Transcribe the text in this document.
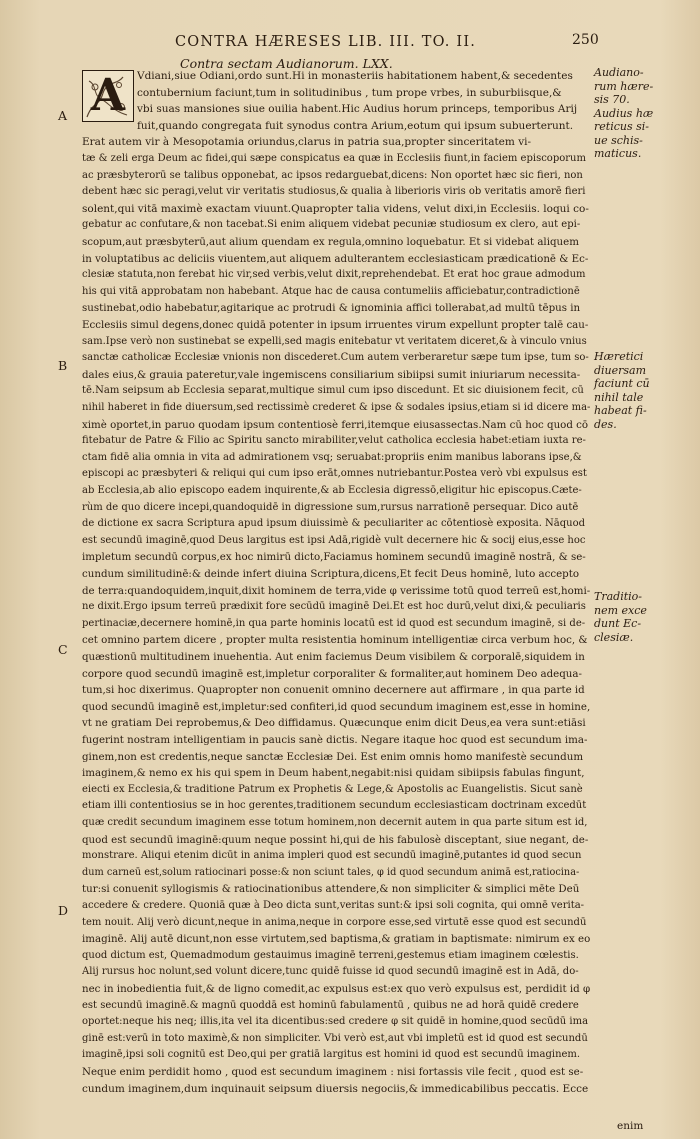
CONTRA HÆRESES LIB. III. TO. II.	250
Contra sectam Audianorum. LXX.
Vdiani,siue Odiani,ordo sunt.Hi in monasteriis habitationem habent,& secedentes
contubernium faciunt,tum in solitudinibus , tum prope vrbes, in suburbiisque,&
vbi suas mansiones siue ouilia habent.Hic Audius horum princeps, temporibus Arij
fuit,quando congregata fuit synodus contra Arium,eotum qui ipsum subuerterunt.
Erat autem vir à Mesopotamia oriundus,clarus in patria sua,propter sinceritatem vi-
tæ & zeli erga Deum ac fidei,qui sæpe conspicatus ea quæ in Ecclesiis fiunt,in faciem episcoporum
ac præsbyterorū se talibus opponebat, ac ipsos redarguebat,dicens: Non oportet hæc sic fieri, non
debent hæc sic peragi,velut vir veritatis studiosus,& qualia à liberioris viris ob veritatis amorē fieri
solent,qui vitā maximè exactam viuunt.Quapropter talia videns, velut dixi,in Ecclesiis. loqui co-
gebatur ac confutare,& non tacebat.Si enim aliquem videbat pecuniæ studiosum ex clero, aut epi-
scopum,aut præsbyterū,aut alium quendam ex regula,omnino loquebatur. Et si videbat aliquem
in voluptatibus ac deliciis viuentem,aut aliquem adulterantem ecclesiasticam prædicationē & Ec-
clesiæ statuta,non ferebat hic vir,sed verbis,velut dixit,reprehendebat. Et erat hoc graue admodum
his qui vitā approbatam non habebant. Atque hac de causa contumeliis afficiebatur,contradictionē
sustinebat,odio habebatur,agitarique ac protrudi & ignominia affici tollerabat,ad multū tēpus in
Ecclesiis simul degens,donec quidā potenter in ipsum irruentes virum expellunt propter talē cau-
sam.Ipse verò non sustinebat se expelli,sed magis enitebatur vt veritatem diceret,& à vinculo vnius
sanctæ catholicæ Ecclesiæ vnionis non discederet.Cum autem verberaretur sæpe tum ipse, tum so-
dales eius,& grauia pateretur,vale ingemiscens consiliarium sibiipsi sumit iniuriarum necessita-
tē.Nam seipsum ab Ecclesia separat,multique simul cum ipso discedunt. Et sic diuisionem fecit, cū
nihil haberet in fide diuersum,sed rectissimè crederet & ipse & sodales ipsius,etiam si id dicere ma-
ximè oportet,in paruo quodam ipsum contentiosè ferri,itemque eiusassectas.Nam cū hoc quod cō
fitebatur de Patre & Filio ac Spiritu sancto mirabiliter,velut catholica ecclesia habet:etiam iuxta re-
ctam fidē alia omnia in vita ad admirationem vsq; seruabat:propriis enim manibus laborans ipse,&
episcopi ac præsbyteri & reliqui qui cum ipso erāt,omnes nutriebantur.Postea verò vbi expulsus est
ab Ecclesia,ab alio episcopo eadem inquirente,& ab Ecclesia digressō,eligitur hic episcopus.Cæte-
rùm de quo dicere incepi,quandoquidē in digressione sum,rursus narrationē persequar. Dico autē
de dictione ex sacra Scriptura apud ipsum diuissimè & peculiariter ac cōtentiosè exposita. Nāquod
est secundū imaginē,quod Deus largitus est ipsi Adā,rigidè vult decernere hic & socij eius,esse hoc
impletum secundū corpus,ex hoc nimirū dicto,Faciamus hominem secundū imaginē nostrā, & se-
cundum similitudinē:& deinde infert diuina Scriptura,dicens,Et fecit Deus hominē, luto accepto
de terra:quandoquidem,inquit,dixit hominem de terra,vide φ verissime totū quod terreū est,homi-
ne dixit.Ergo ipsum terreū prædixit fore secūdū imaginē Dei.Et est hoc durū,velut dixi,& peculiaris
pertinaciæ,decernere hominē,in qua parte hominis locatū est id quod est secundum imaginē, si de-
cet omnino partem dicere , propter multa resistentia hominum intelligentiæ circa verbum hoc, &
quæstionū multitudinem inuehentia. Aut enim faciemus Deum visibilem & corporalē,siquidem in
corpore quod secundū imaginē est,impletur corporaliter & formaliter,aut hominem Deo adequa-
tum,si hoc dixerimus. Quapropter non conuenit omnino decernere aut affirmare , in qua parte id
quod secundū imaginē est,impletur:sed confiteri,id quod secundum imaginem est,esse in homine,
vt ne gratiam Dei reprobemus,& Deo diffidamus. Quæcunque enim dicit Deus,ea vera sunt:etiāsi
fugerint nostram intelligentiam in paucis sanè dictis. Negare itaque hoc quod est secundum ima-
ginem,non est credentis,neque sanctæ Ecclesiæ Dei. Est enim omnis homo manifestè secundum
imaginem,& nemo ex his qui spem in Deum habent,negabit:nisi quidam sibiipsis fabulas fingunt,
eiecti ex Ecclesia,& traditione Patrum ex Prophetis & Lege,& Apostolis ac Euangelistis. Sicut sanè
etiam illi contentiosius se in hoc gerentes,traditionem secundum ecclesiasticam doctrinam excedūt
quæ credit secundum imaginem esse totum hominem,non decernit autem in qua parte situm est id,
quod est secundū imaginē:quum neque possint hi,qui de his fabulosè disceptant, siue negant, de-
monstrare. Aliqui etenim dicūt in anima impleri quod est secundū imaginē,putantes id quod secun
dum carneū est,solum ratiocinari posse:& non sciunt tales, φ id quod secundum animā est,ratiocina-
tur:si conuenit syllogismis & ratiocinationibus attendere,& non simpliciter & simplici mēte Deū
accedere & credere. Quoniā quæ à Deo dicta sunt,veritas sunt:& ipsi soli cognita, qui omnē verita-
tem nouit. Alij verò dicunt,neque in anima,neque in corpore esse,sed virtutē esse quod est secundū
imaginē. Alij autē dicunt,non esse virtutem,sed baptisma,& gratiam in baptismate: nimirum ex eo
quod dictum est, Quemadmodum gestauimus imaginē terreni,gestemus etiam imaginem cœlestis.
Alij rursus hoc nolunt,sed volunt dicere,tunc quidē fuisse id quod secundū imaginē est in Adā, do-
nec in inobedientia fuit,& de ligno comedit,ac expulsus est:ex quo verò expulsus est, perdidit id φ
est secundū imaginē.& magnū quoddā est hominū fabulamentū , quibus ne ad horā quidē credere
oportet:neque his neq; illis,ita vel ita dicentibus:sed credere φ sit quidē in homine,quod secūdū ima
ginē est:verū in toto maximè,& non simpliciter. Vbi verò est,aut vbi impletū est id quod est secundū
imaginē,ipsi soli cognitū est Deo,qui per gratiā largitus est homini id quod est secundū imaginem.
Neque enim perdidit homo , quod est secundum imaginem : nisi fortassis vile fecit , quod est se-
cundum imaginem,dum inquinauit seipsum diuersis negociis,& immedicabilibus peccatis. Ecce
A
A
B
C
D
Audiano-
rum hære-
sis 70.
Audius hæ
reticus si-
ue schis-
maticus.
Hæretici
diuersam
faciunt cū
nihil tale
habeat fi-
des.
Traditio-
nem exce
dunt Ec-
clesiæ.
enim
